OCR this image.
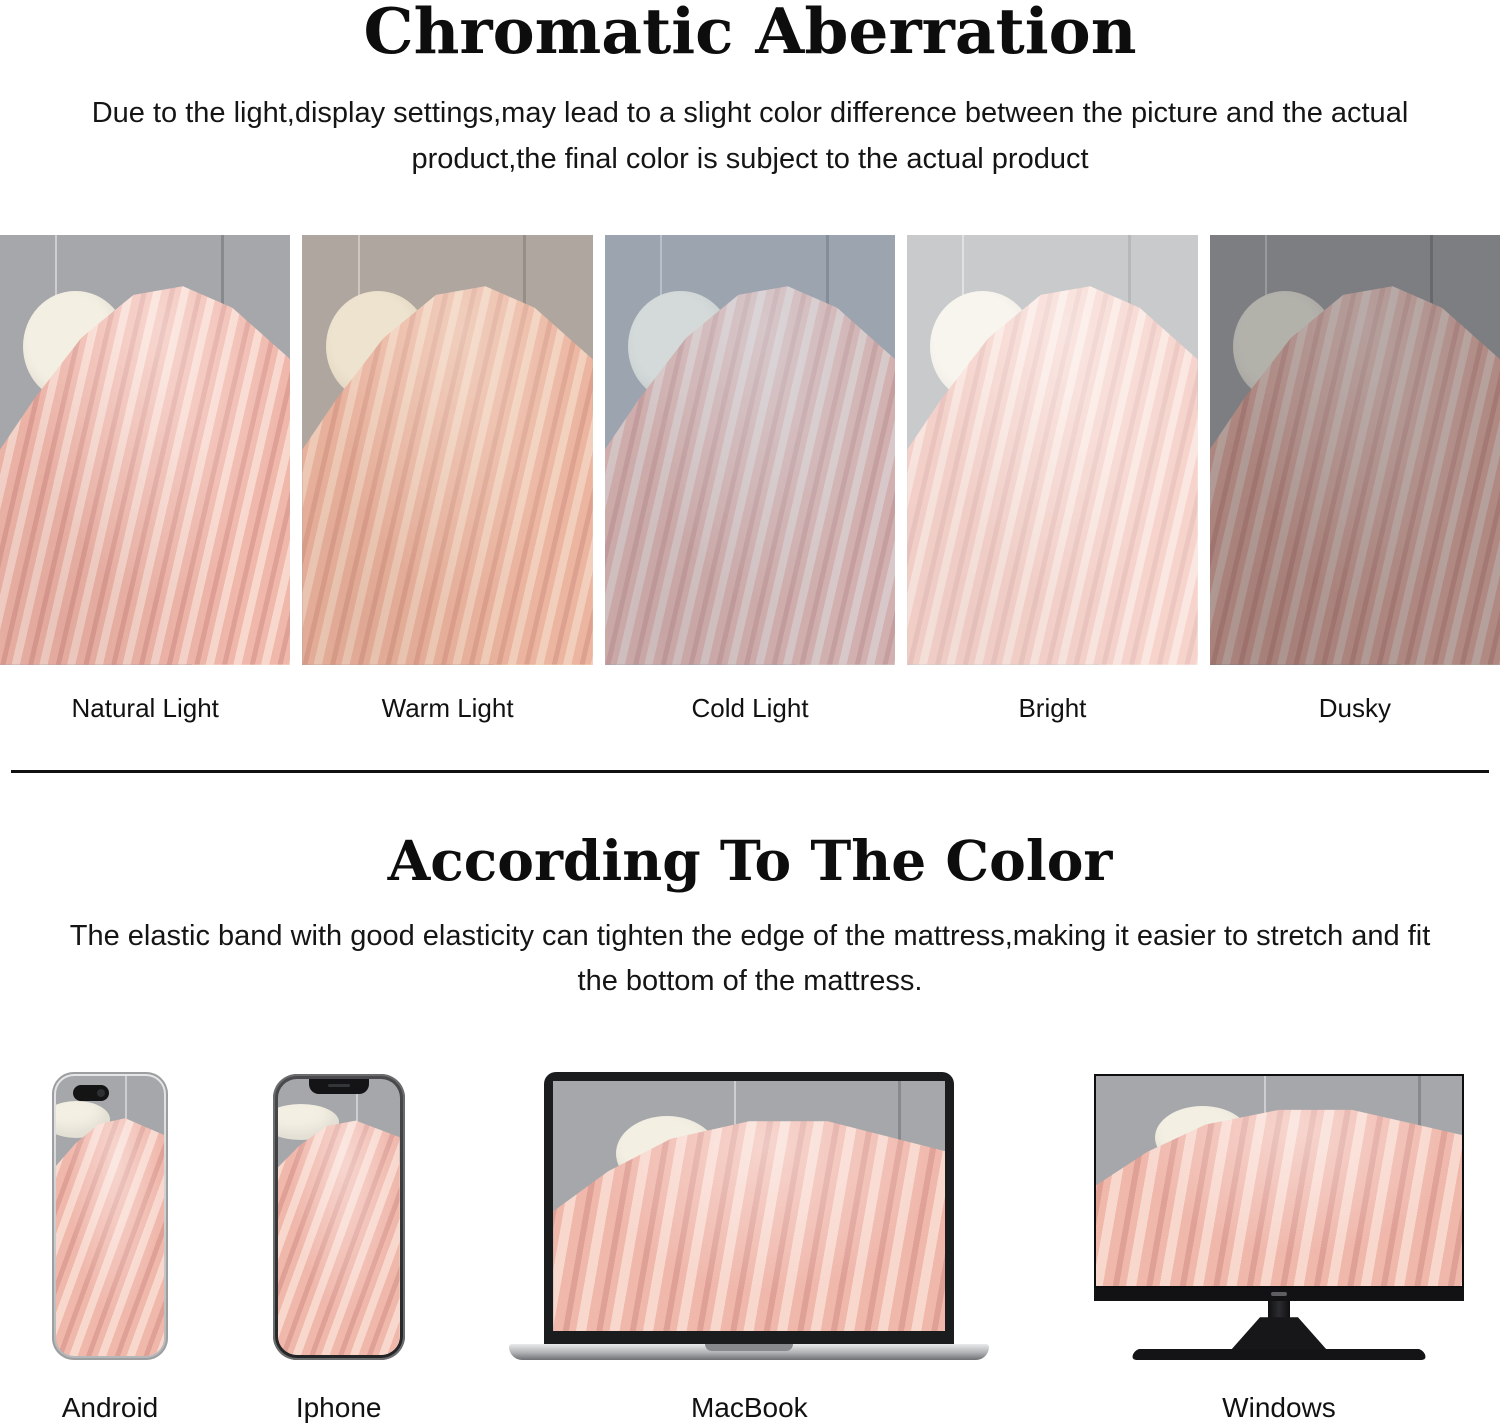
Chromatic Aberration

Due to the light,display settings,may lead to a slight color difference between the picture and the actual product,the final color is subject to the actual product

Natural Light	Warm Light	Cold Light	Bright	Dusky
According To The Color

The elastic band with good elasticity can tighten the edge of the mattress,making it easier to stretch and fit the bottom of the mattress.

Android	Iphone	MacBook	Windows
